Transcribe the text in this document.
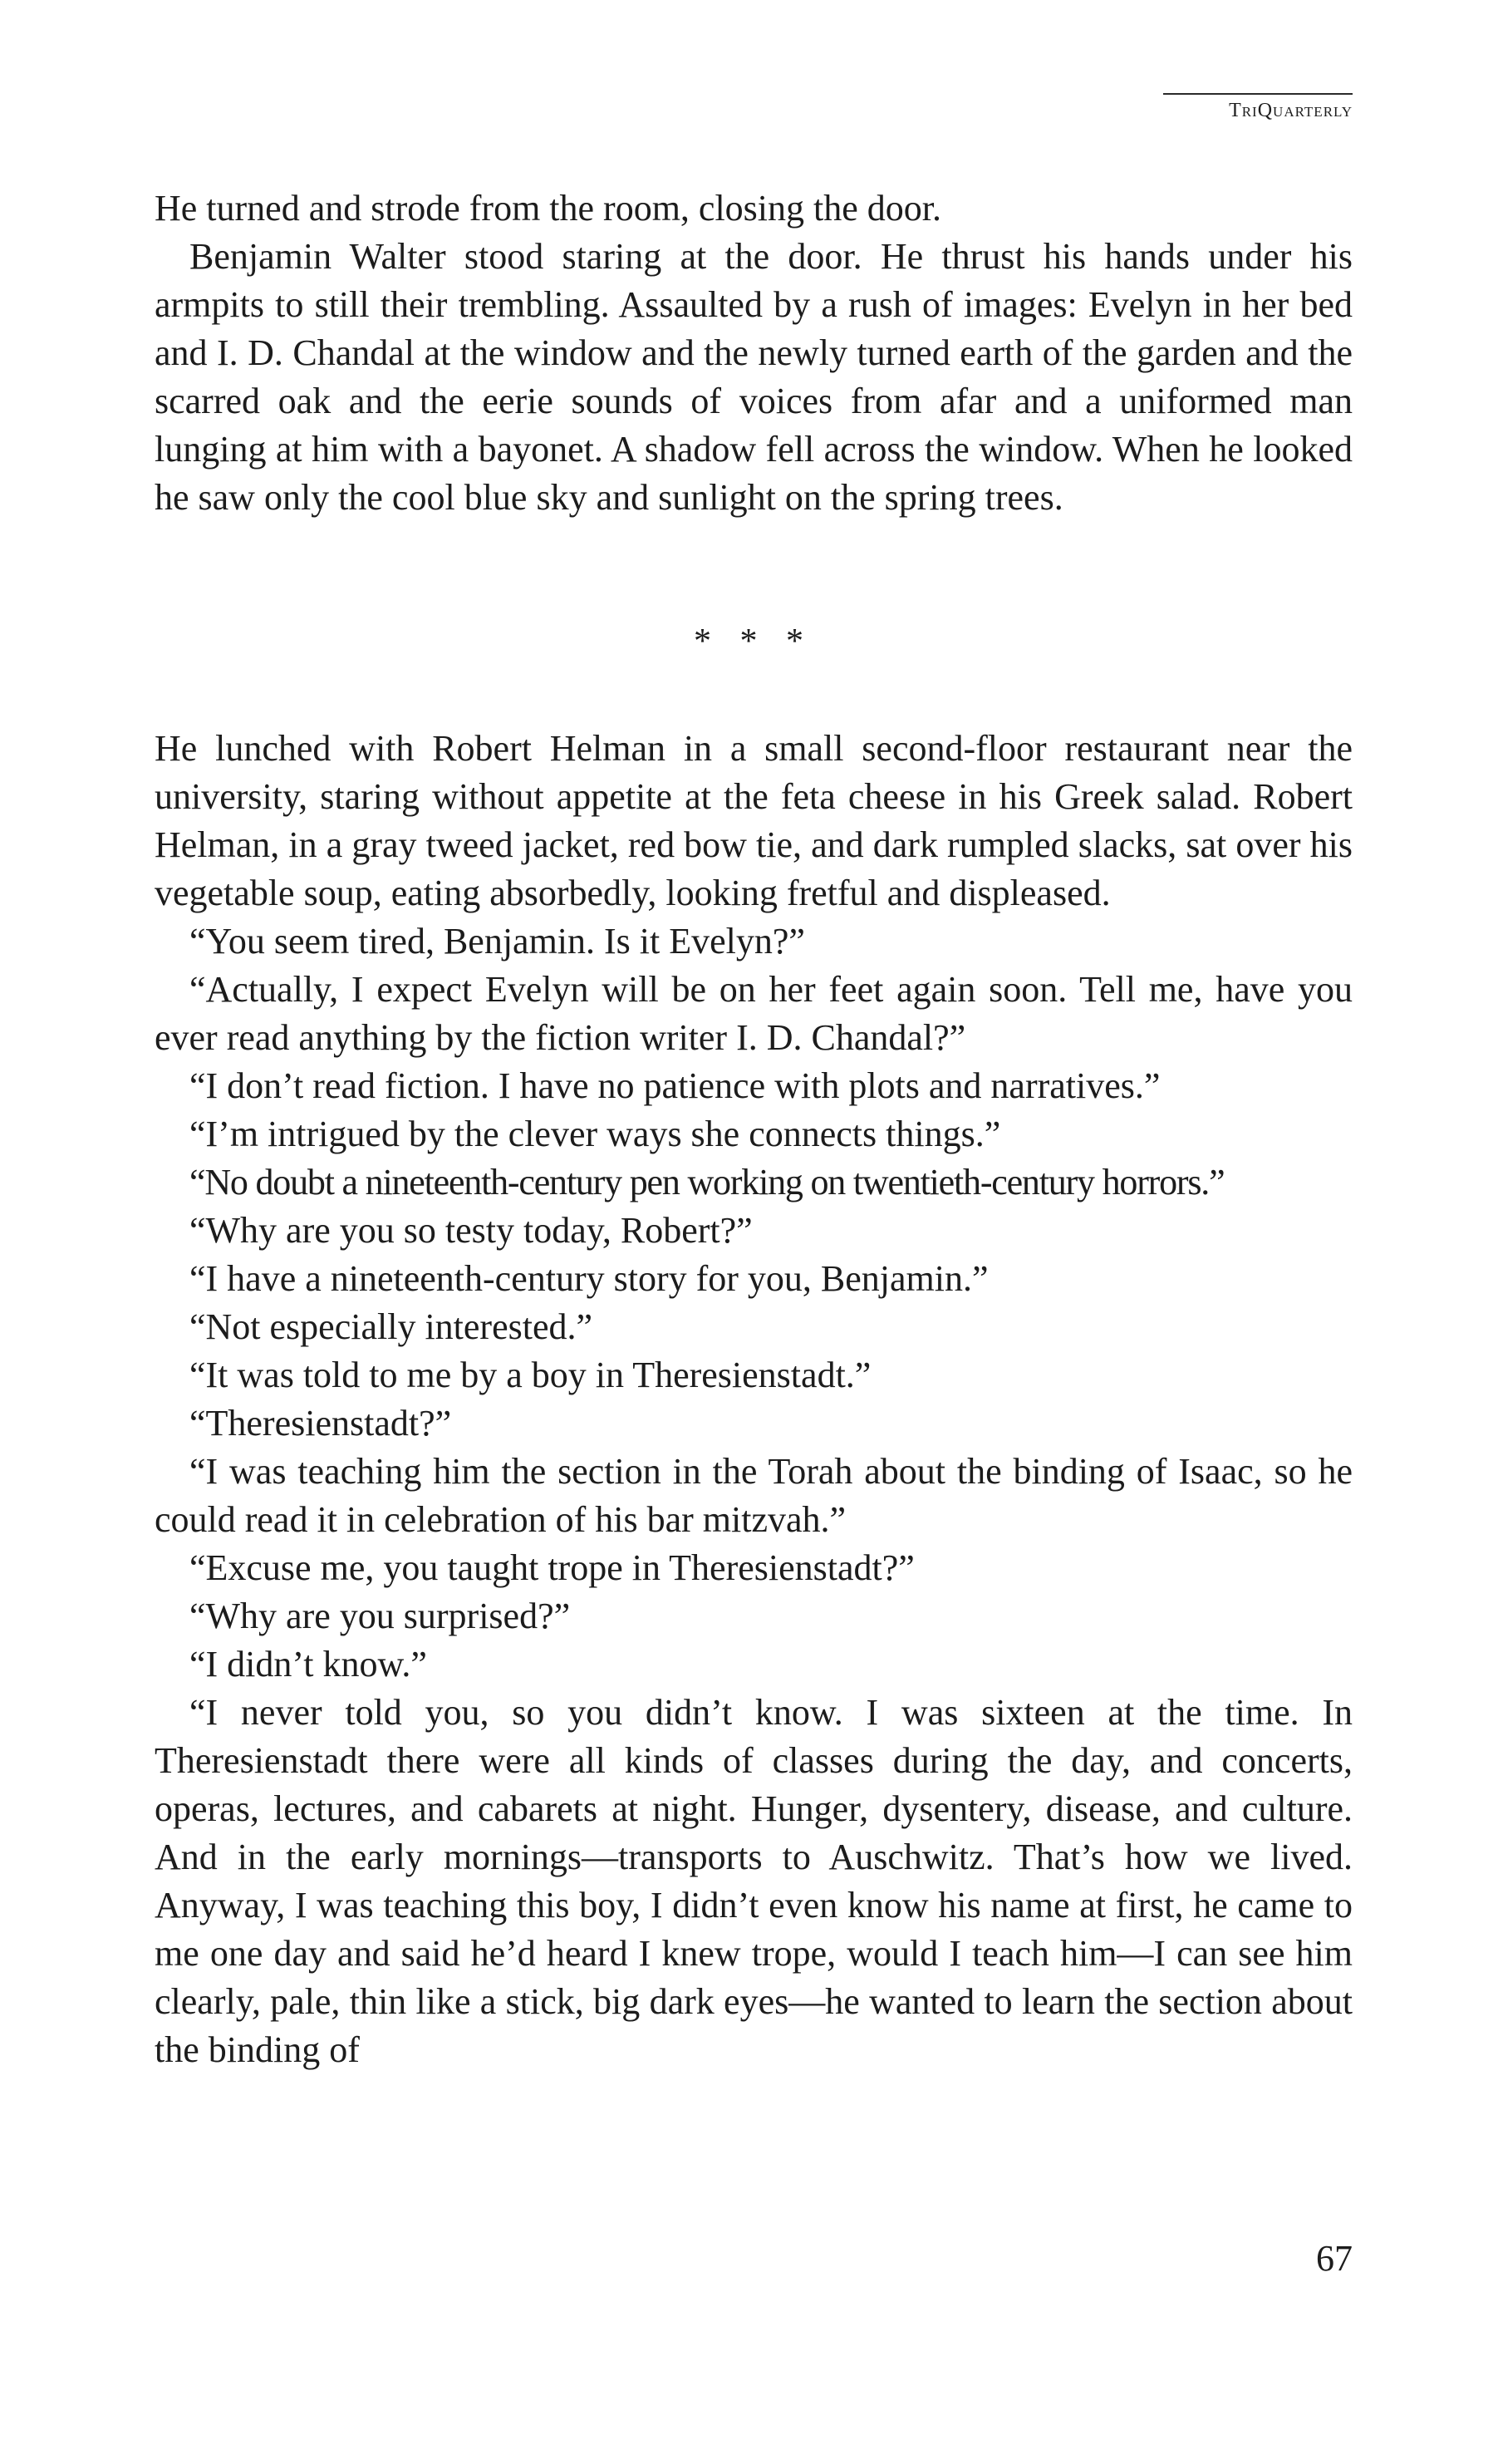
TriQuarterly

He turned and strode from the room, closing the door.

Benjamin Walter stood staring at the door. He thrust his hands under his armpits to still their trembling. Assaulted by a rush of images: Evelyn in her bed and I. D. Chandal at the window and the newly turned earth of the garden and the scarred oak and the eerie sounds of voices from afar and a uniformed man lunging at him with a bayonet. A shadow fell across the window. When he looked he saw only the cool blue sky and sunlight on the spring trees.

* * *

He lunched with Robert Helman in a small second-floor restaurant near the university, staring without appetite at the feta cheese in his Greek salad. Robert Helman, in a gray tweed jacket, red bow tie, and dark rumpled slacks, sat over his vegetable soup, eating absorbedly, looking fretful and displeased.

“You seem tired, Benjamin. Is it Evelyn?”

“Actually, I expect Evelyn will be on her feet again soon. Tell me, have you ever read anything by the fiction writer I. D. Chandal?”

“I don’t read fiction. I have no patience with plots and narratives.”

“I’m intrigued by the clever ways she connects things.”

“No doubt a nineteenth-century pen working on twentieth-century horrors.”

“Why are you so testy today, Robert?”

“I have a nineteenth-century story for you, Benjamin.”

“Not especially interested.”

“It was told to me by a boy in Theresienstadt.”

“Theresienstadt?”

“I was teaching him the section in the Torah about the binding of Isaac, so he could read it in celebration of his bar mitzvah.”

“Excuse me, you taught trope in Theresienstadt?”

“Why are you surprised?”

“I didn’t know.”

“I never told you, so you didn’t know. I was sixteen at the time. In Theresienstadt there were all kinds of classes during the day, and concerts, operas, lectures, and cabarets at night. Hunger, dysentery, disease, and culture. And in the early mornings—transports to Auschwitz. That’s how we lived. Anyway, I was teaching this boy, I didn’t even know his name at first, he came to me one day and said he’d heard I knew trope, would I teach him—I can see him clearly, pale, thin like a stick, big dark eyes—he wanted to learn the section about the binding of

67
